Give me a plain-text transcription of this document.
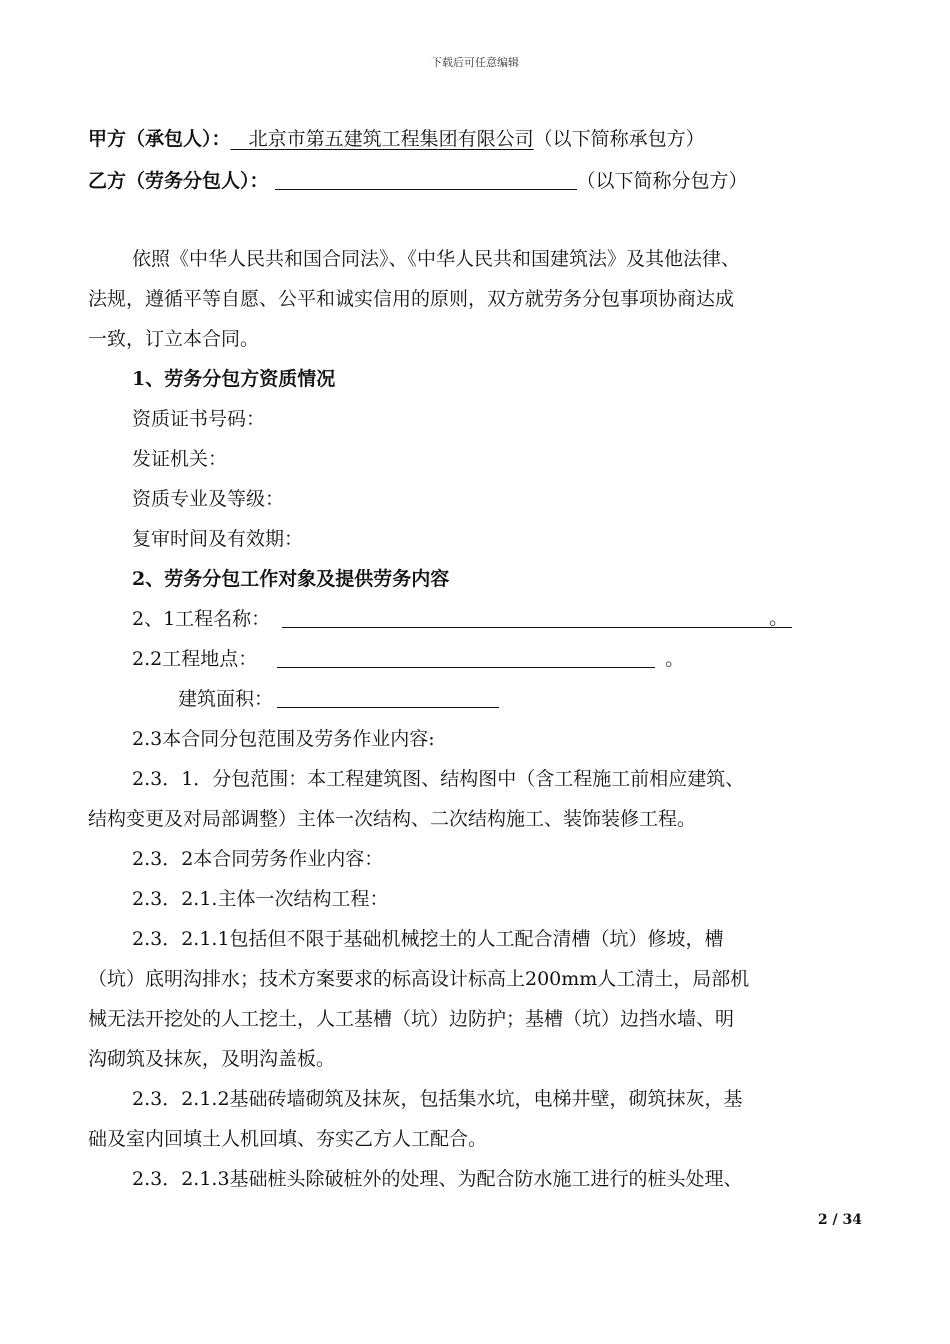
下载后可任意编辑
甲方（承包人）： 北京市第五建筑工程集团有限公司（以下简称承包方）
乙方（劳务分包人）：	（以下简称分包方）
依照《中华人民共和国合同法》、《中华人民共和国建筑法》及其他法律、
法规，遵循平等自愿、公平和诚实信用的原则，双方就劳务分包事项协商达成
一致，订立本合同。
1、劳务分包方资质情况
资质证书号码：
发证机关：
资质专业及等级：
复审时间及有效期：
2、劳务分包工作对象及提供劳务内容
2、1工程名称：	。
2.2工程地点：	。
建筑面积：
2.3本合同分包范围及劳务作业内容:
2.3．1．分包范围：本工程建筑图、结构图中（含工程施工前相应建筑、
结构变更及对局部调整）主体一次结构、二次结构施工、装饰装修工程。
2.3．2本合同劳务作业内容：
2.3．2.1.主体一次结构工程：
2.3．2.1.1包括但不限于基础机械挖土的人工配合清槽（坑）修坡，槽
（坑）底明沟排水；技术方案要求的标高设计标高上200mm人工清土，局部机
械无法开挖处的人工挖土，人工基槽（坑）边防护；基槽（坑）边挡水墙、明
沟砌筑及抹灰，及明沟盖板。
2.3．2.1.2基础砖墙砌筑及抹灰，包括集水坑，电梯井壁，砌筑抹灰，基
础及室内回填土人机回填、夯实乙方人工配合。
2.3．2.1.3基础桩头除破桩外的处理、为配合防水施工进行的桩头处理、
2 / 34
